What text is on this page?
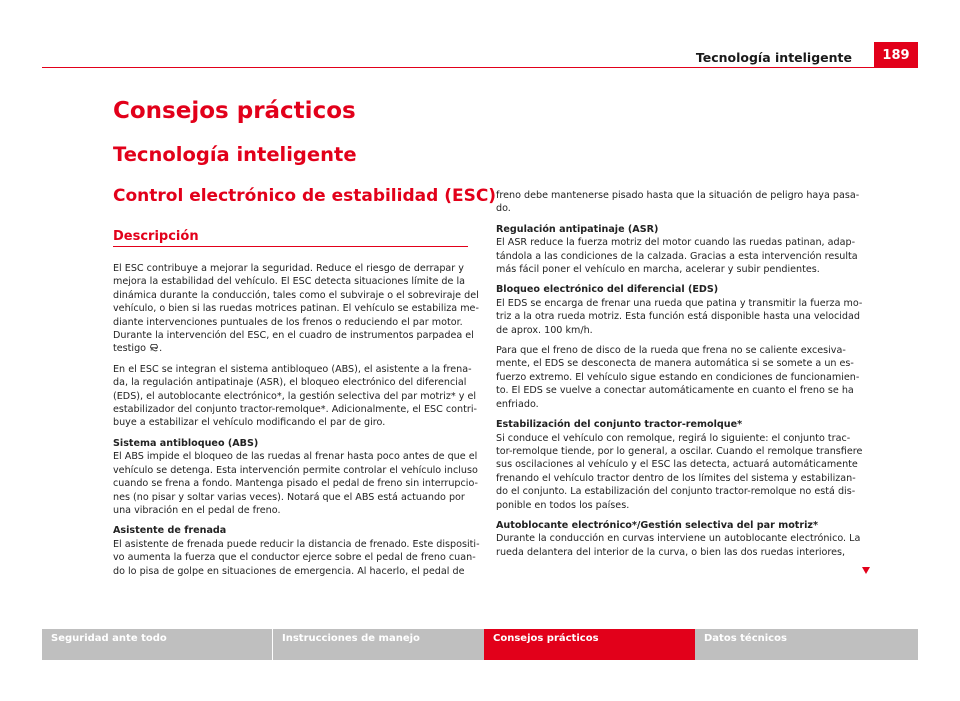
Tecnología inteligente	189
Consejos prácticos
Tecnología inteligente
Control electrónico de estabilidad (ESC)
Descripción

El ESC contribuye a mejorar la seguridad. Reduce el riesgo de derrapar y
mejora la estabilidad del vehículo. El ESC detecta situaciones límite de la
dinámica durante la conducción, tales como el subviraje o el sobreviraje del
vehículo, o bien si las ruedas motrices patinan. El vehículo se estabiliza me-
diante intervenciones puntuales de los frenos o reduciendo el par motor.
Durante la intervención del ESC, en el cuadro de instrumentos parpadea el
testigo .

En el ESC se integran el sistema antibloqueo (ABS), el asistente a la frena-
da, la regulación antipatinaje (ASR), el bloqueo electrónico del diferencial
(EDS), el autoblocante electrónico*, la gestión selectiva del par motriz* y el
estabilizador del conjunto tractor-remolque*. Adicionalmente, el ESC contri-
buye a estabilizar el vehículo modificando el par de giro.

Sistema antibloqueo (ABS)
El ABS impide el bloqueo de las ruedas al frenar hasta poco antes de que el
vehículo se detenga. Esta intervención permite controlar el vehículo incluso
cuando se frena a fondo. Mantenga pisado el pedal de freno sin interrupcio-
nes (no pisar y soltar varias veces). Notará que el ABS está actuando por
una vibración en el pedal de freno.

Asistente de frenada
El asistente de frenada puede reducir la distancia de frenado. Este dispositi-
vo aumenta la fuerza que el conductor ejerce sobre el pedal de freno cuan-
do lo pisa de golpe en situaciones de emergencia. Al hacerlo, el pedal de

freno debe mantenerse pisado hasta que la situación de peligro haya pasa-
do.

Regulación antipatinaje (ASR)
El ASR reduce la fuerza motriz del motor cuando las ruedas patinan, adap-
tándola a las condiciones de la calzada. Gracias a esta intervención resulta
más fácil poner el vehículo en marcha, acelerar y subir pendientes.

Bloqueo electrónico del diferencial (EDS)
El EDS se encarga de frenar una rueda que patina y transmitir la fuerza mo-
triz a la otra rueda motriz. Esta función está disponible hasta una velocidad
de aprox. 100 km/h.

Para que el freno de disco de la rueda que frena no se caliente excesiva-
mente, el EDS se desconecta de manera automática si se somete a un es-
fuerzo extremo. El vehículo sigue estando en condiciones de funcionamien-
to. El EDS se vuelve a conectar automáticamente en cuanto el freno se ha
enfriado.

Estabilización del conjunto tractor-remolque*
Si conduce el vehículo con remolque, regirá lo siguiente: el conjunto trac-
tor-remolque tiende, por lo general, a oscilar. Cuando el remolque transfiere
sus oscilaciones al vehículo y el ESC las detecta, actuará automáticamente
frenando el vehículo tractor dentro de los límites del sistema y estabilizan-
do el conjunto. La estabilización del conjunto tractor-remolque no está dis-
ponible en todos los países.

Autoblocante electrónico*/Gestión selectiva del par motriz*
Durante la conducción en curvas interviene un autoblocante electrónico. La
rueda delantera del interior de la curva, o bien las dos ruedas interiores,

Seguridad ante todo	Instrucciones de manejo	Consejos prácticos	Datos técnicos
